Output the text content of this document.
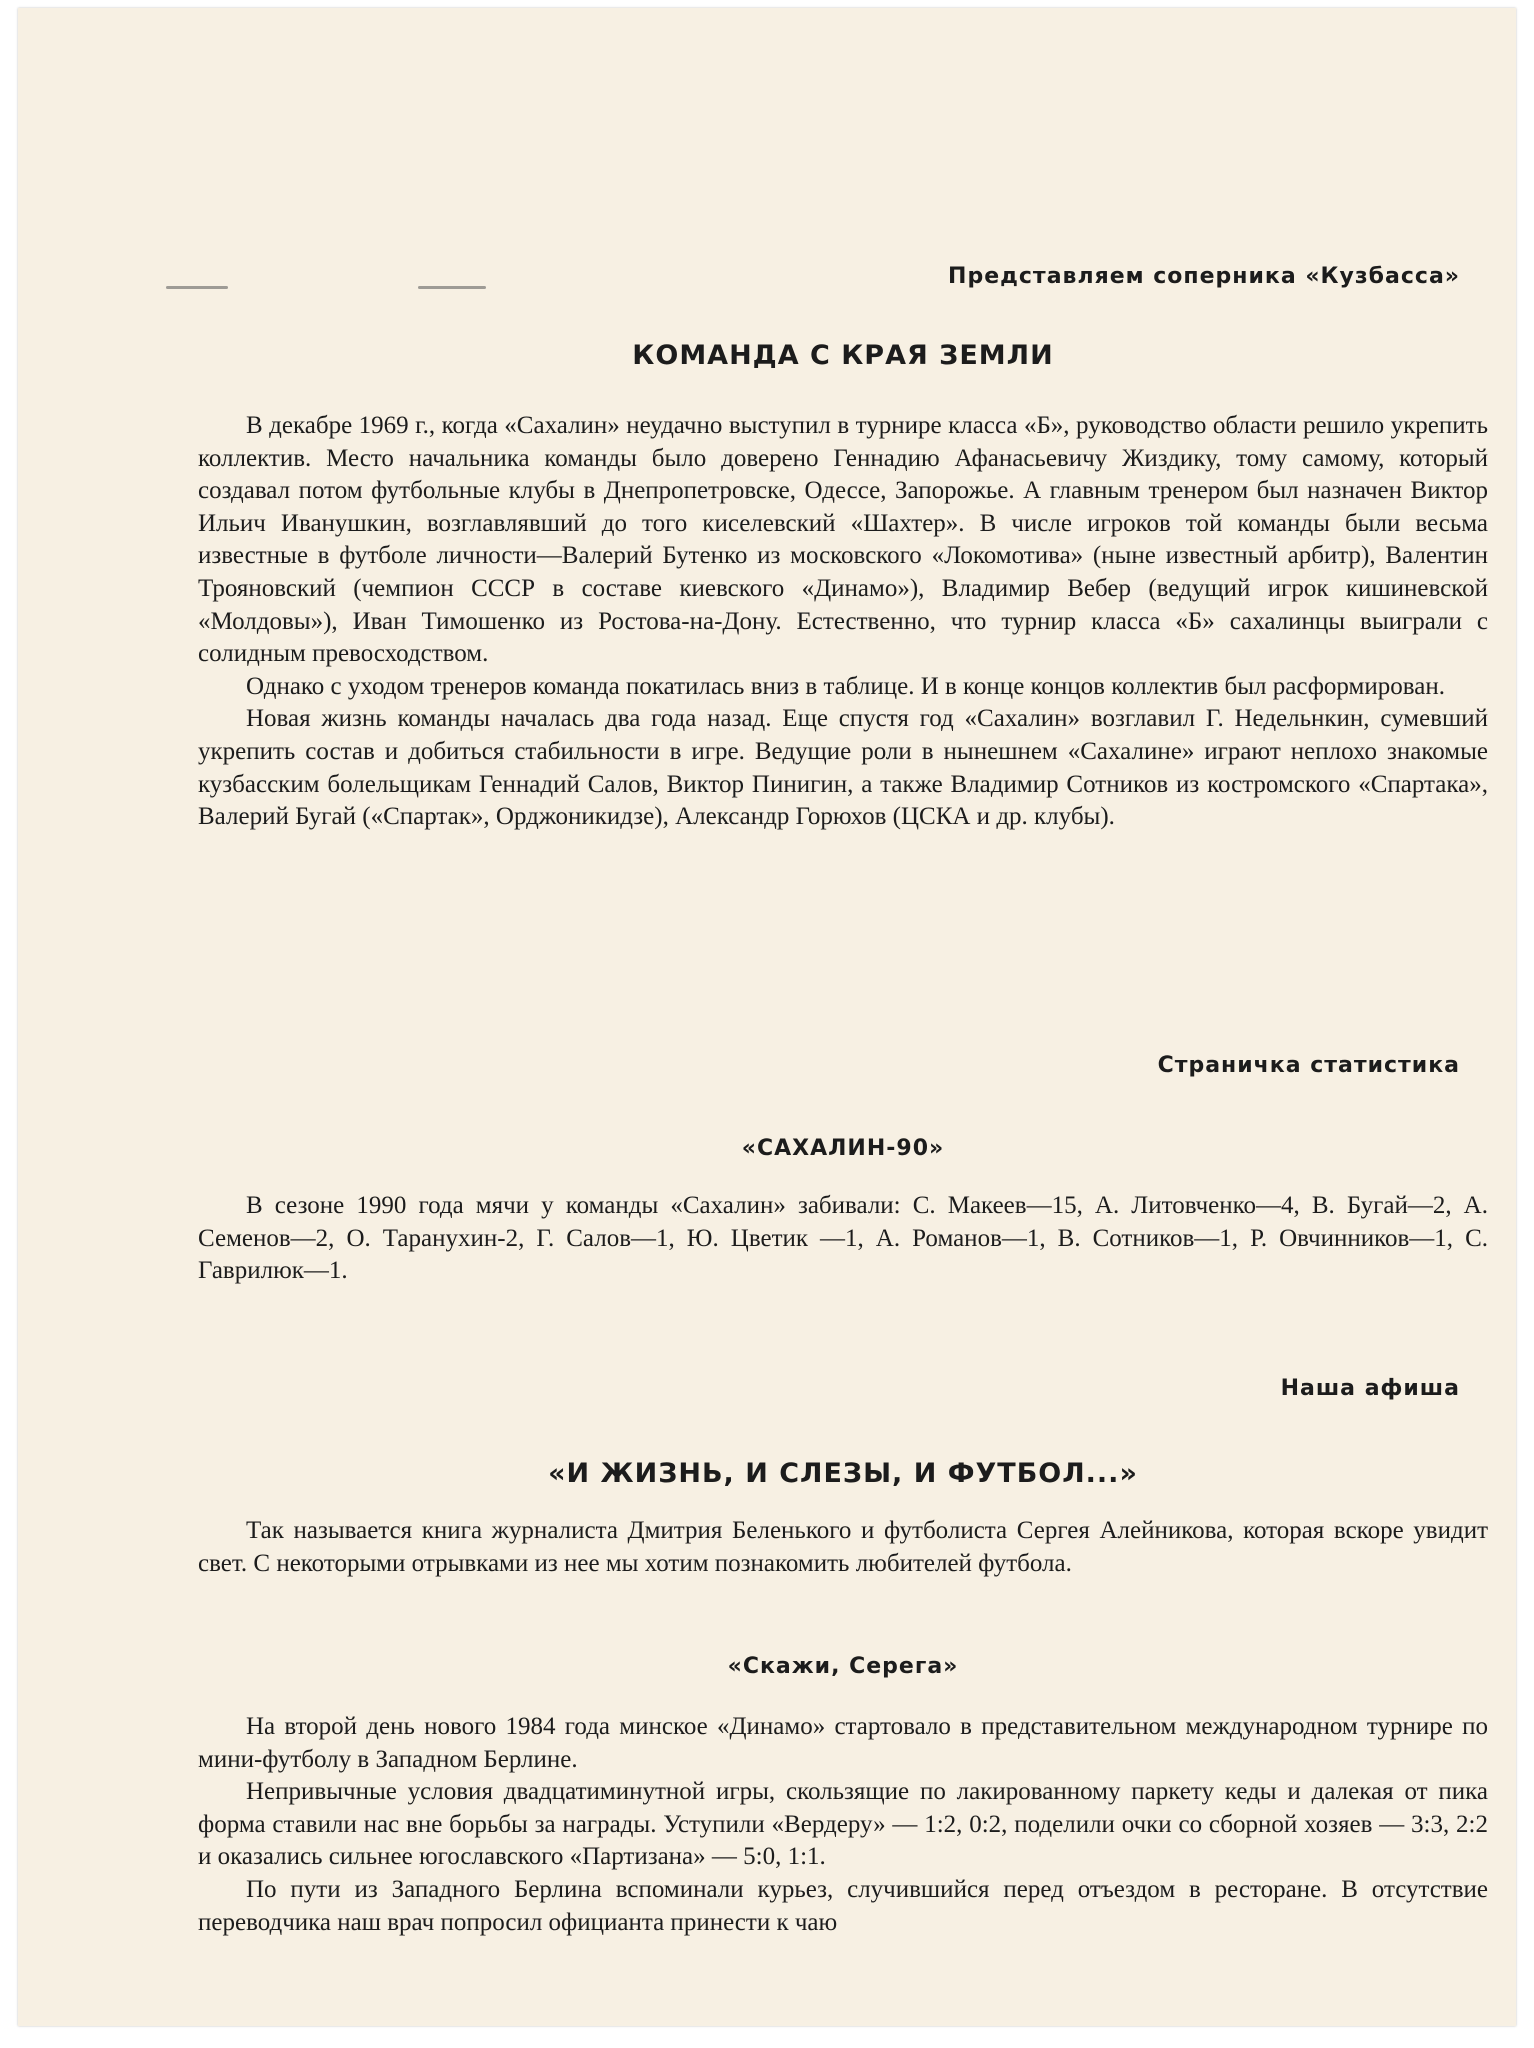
Представляем соперника «Кузбасса»
КОМАНДА С КРАЯ ЗЕМЛИ

В декабре 1969 г., когда «Сахалин» неудачно выступил в турнире класса «Б», руководство области решило укрепить коллектив. Место начальника команды было доверено Геннадию Афанасьевичу Жиздику, тому самому, который создавал потом футбольные клубы в Днепропетровске, Одессе, Запорожье. А главным тренером был назначен Виктор Ильич Иванушкин, возглавлявший до того киселевский «Шахтер». В числе игроков той команды были весьма известные в футболе личности—Валерий Бутенко из московского «Локомотива» (ныне известный арбитр), Валентин Трояновский (чемпион СССР в составе киевского «Динамо»), Владимир Вебер (ведущий игрок кишиневской «Молдовы»), Иван Тимошенко из Ростова-на-Дону. Естественно, что турнир класса «Б» сахалинцы выиграли с солидным превосходством.

Однако с уходом тренеров команда покатилась вниз в таблице. И в конце концов коллектив был расформирован.

Новая жизнь команды началась два года назад. Еще спустя год «Сахалин» возглавил Г. Недельнкин, сумевший укрепить состав и добиться стабильности в игре. Ведущие роли в нынешнем «Сахалине» играют неплохо знакомые кузбасским болельщикам Геннадий Салов, Виктор Пинигин, а также Владимир Сотников из костромского «Спартака», Валерий Бугай («Спартак», Орджоникидзе), Александр Горюхов (ЦСКА и др. клубы).

Страничка статистика
«САХАЛИН-90»

В сезоне 1990 года мячи у команды «Сахалин» забивали: С. Макеев—15, А. Литовченко—4, В. Бугай—2, А. Семенов—2, О. Таранухин-2, Г. Салов—1, Ю. Цветик —1, А. Романов—1, В. Сотников—1, Р. Овчинников—1, С. Гаврилюк—1.

Наша афиша
«И ЖИЗНЬ, И СЛЕЗЫ, И ФУТБОЛ...»

Так называется книга журналиста Дмитрия Беленького и футболиста Сергея Алейникова, которая вскоре увидит свет. С некоторыми отрывками из нее мы хотим познакомить любителей футбола.

«Скажи, Серега»

На второй день нового 1984 года минское «Динамо» стартовало в представительном международном турнире по мини-футболу в Западном Берлине.

Непривычные условия двадцатиминутной игры, скользящие по лакированному паркету кеды и далекая от пика форма ставили нас вне борьбы за награды. Уступили «Вердеру» — 1:2, 0:2, поделили очки со сборной хозяев — 3:3, 2:2 и оказались сильнее югославского «Партизана» — 5:0, 1:1.

По пути из Западного Берлина вспоминали курьез, случившийся перед отъездом в ресторане. В отсутствие переводчика наш врач попросил официанта принести к чаю
